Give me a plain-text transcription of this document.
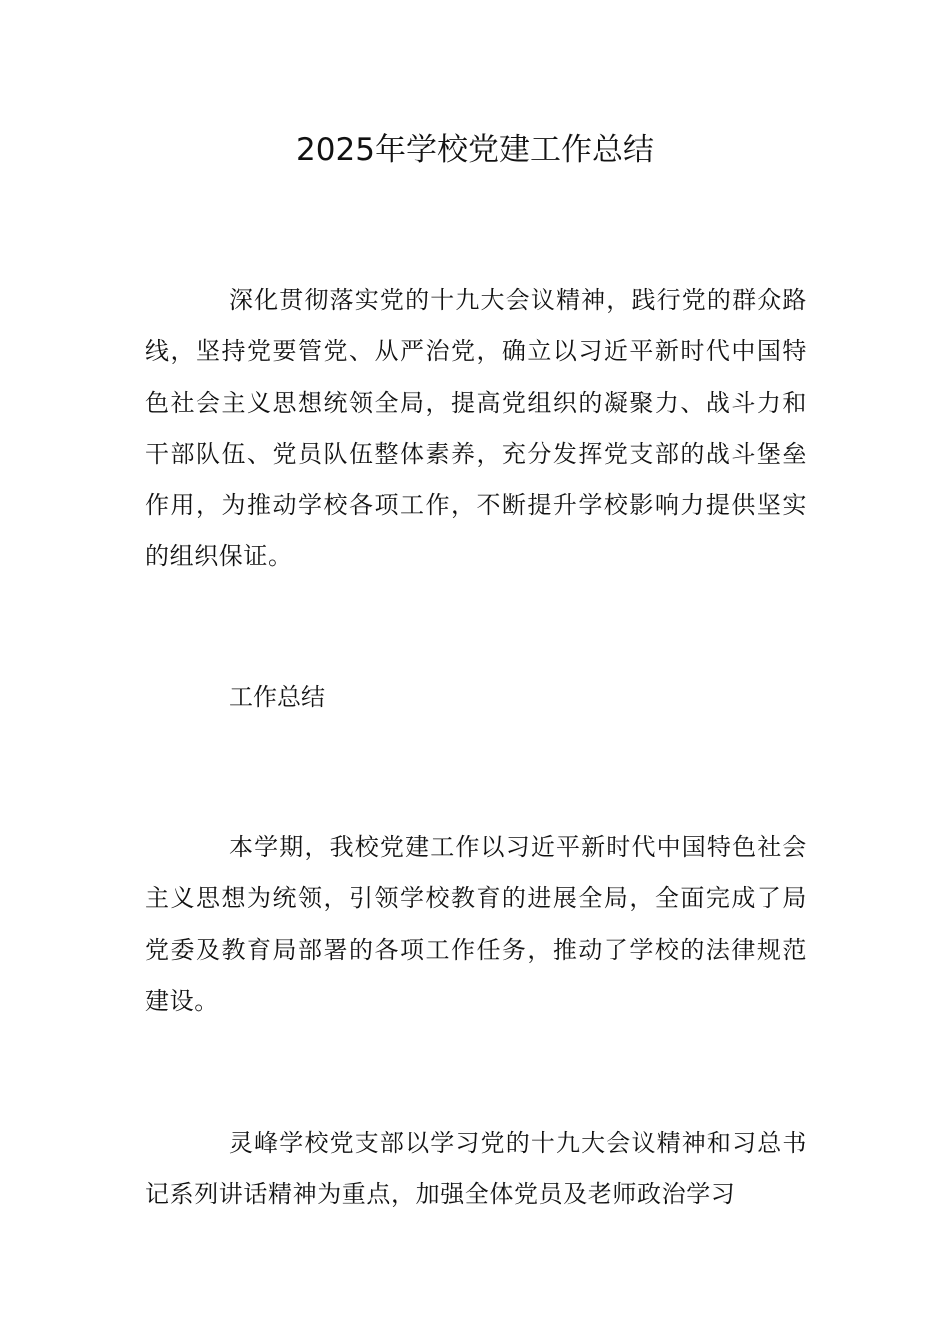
2025年学校党建工作总结

深化贯彻落实党的十九大会议精神，践行党的群众路线，坚持党要管党、从严治党，确立以习近平新时代中国特色社会主义思想统领全局，提高党组织的凝聚力、战斗力和干部队伍、党员队伍整体素养，充分发挥党支部的战斗堡垒作用，为推动学校各项工作，不断提升学校影响力提供坚实的组织保证。

工作总结

本学期，我校党建工作以习近平新时代中国特色社会主义思想为统领，引领学校教育的进展全局，全面完成了局党委及教育局部署的各项工作任务，推动了学校的法律规范建设。

灵峰学校党支部以学习党的十九大会议精神和习总书记系列讲话精神为重点，加强全体党员及老师政治学习
